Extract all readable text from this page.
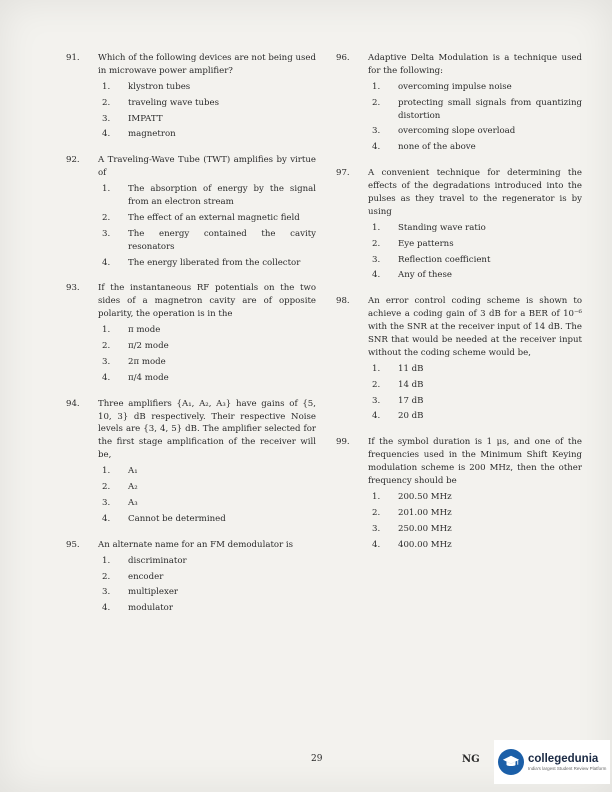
91.	Which of the following devices are not being used in microwave power amplifier?
1.	klystron tubes
2.	traveling wave tubes
3.	IMPATT
4.	magnetron
92.	A Traveling-Wave Tube (TWT) amplifies by virtue of
1.	The absorption of energy by the signal from an electron stream
2.	The effect of an external magnetic field
3.	The energy contained the cavity resonators
4.	The energy liberated from the collector
93.	If the instantaneous RF potentials on the two sides of a magnetron cavity are of opposite polarity, the operation is in the
1.	π mode
2.	π/2 mode
3.	2π mode
4.	π/4 mode
94.	Three amplifiers {A₁, A₂, A₃} have gains of {5, 10, 3} dB respectively. Their respective Noise levels are {3, 4, 5} dB. The amplifier selected for the first stage amplification of the receiver will be,
1.	A₁
2.	A₂
3.	A₃
4.	Cannot be determined
95.	An alternate name for an FM demodulator is
1.	discriminator
2.	encoder
3.	multiplexer
4.	modulator
96.	Adaptive Delta Modulation is a technique used for the following:
1.	overcoming impulse noise
2.	protecting small signals from quantizing distortion
3.	overcoming slope overload
4.	none of the above
97.	A convenient technique for determining the effects of the degradations introduced into the pulses as they travel to the regenerator is by using
1.	Standing wave ratio
2.	Eye patterns
3.	Reflection coefficient
4.	Any of these
98.	An error control coding scheme is shown to achieve a coding gain of 3 dB for a BER of 10⁻⁶ with the SNR at the receiver input of 14 dB. The SNR that would be needed at the receiver input without the coding scheme would be,
1.	11 dB
2.	14 dB
3.	17 dB
4.	20 dB
99.	If the symbol duration is 1 μs, and one of the frequencies used in the Minimum Shift Keying modulation scheme is 200 MHz, then the other frequency should be
1.	200.50 MHz
2.	201.00 MHz
3.	250.00 MHz
4.	400.00 MHz
29	NG	collegedunia
India's largest Student Review Platform
